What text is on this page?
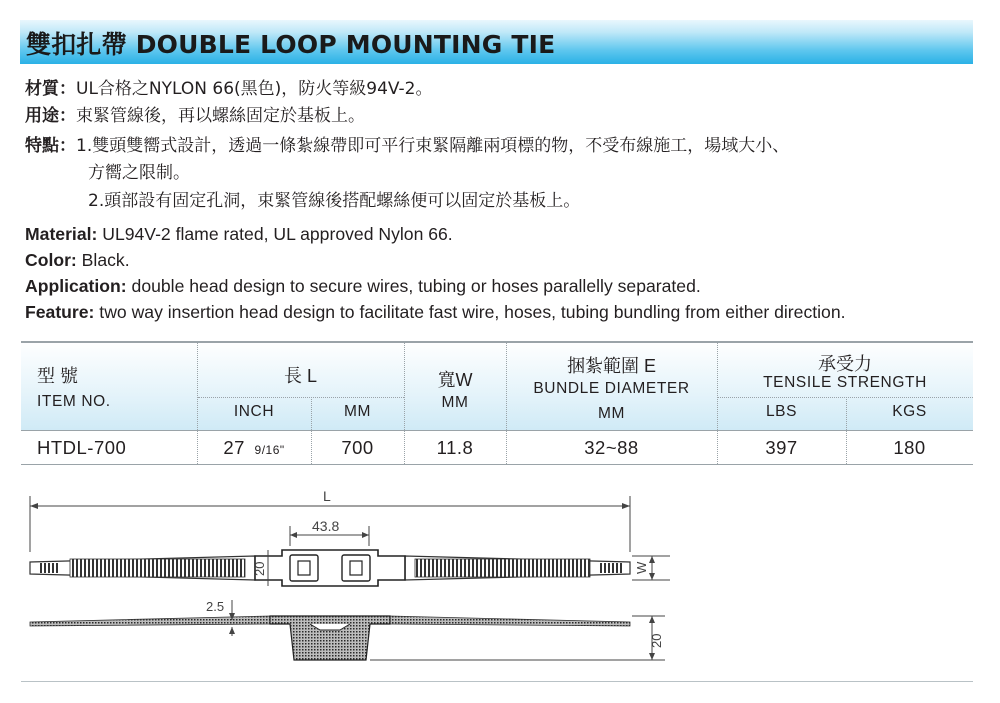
雙扣扎帶 DOUBLE LOOP MOUNTING TIE
材質：UL合格之NYLON 66(黑色)，防火等級94V-2。
用途：束緊管線後，再以螺絲固定於基板上。
特點：1.雙頭雙嚮式設計，透過一條紮線帶即可平行束緊隔離兩項標的物，不受布線施工，場域大小、
方嚮之限制。
2.頭部設有固定孔洞，束緊管線後搭配螺絲便可以固定於基板上。
Material: UL94V-2 flame rated, UL approved Nylon 66.
Color: Black.
Application: double head design to secure wires, tubing or hoses parallelly separated.
Feature: two way insertion head design to facilitate fast wire, hoses, tubing bundling from either direction.
型 號
ITEM NO.
長 L
INCH	MM
寬W
MM
捆紮範圍 E
BUNDLE DIAMETER
MM
承受力
TENSILE STRENGTH
LBS	KGS
HTDL-700	27 9/16"	700	11.8	32~88	397	180
L
43.8
20	W
2.5
20
